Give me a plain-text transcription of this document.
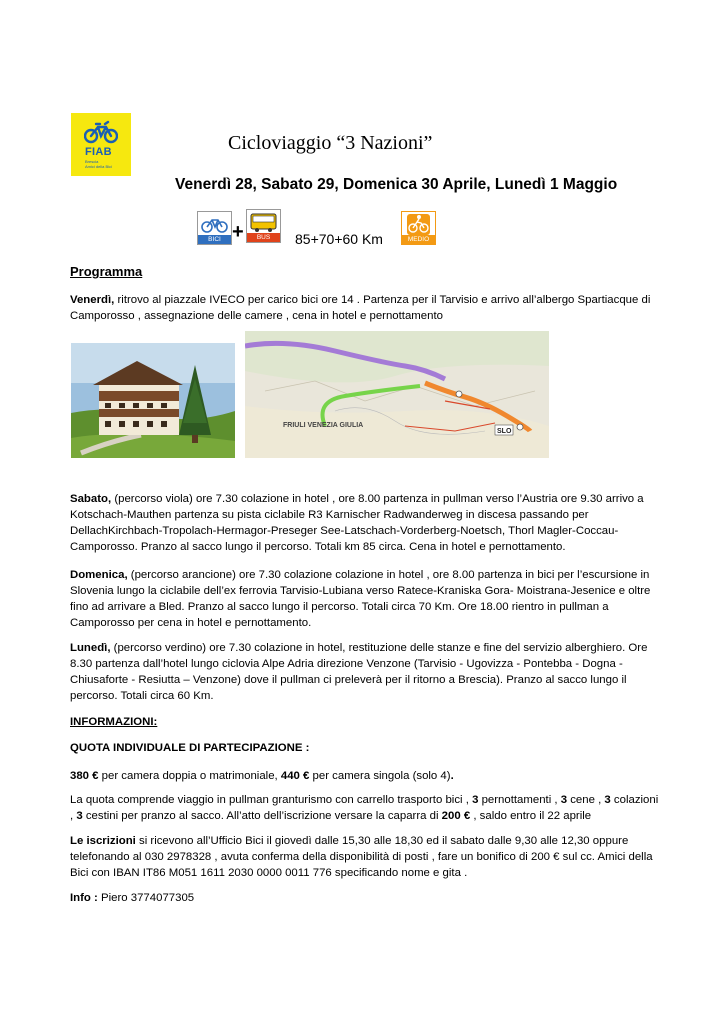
FIAB
Brescia
Amici della Bici
Cicloviaggio “3 Nazioni”
Venerdì 28, Sabato 29, Domenica 30 Aprile, Lunedì 1 Maggio
BICI +	BUS	85+70+60 Km	MEDIO
Programma
Venerdì, ritrovo al piazzale IVECO per carico bici ore 14 . Partenza per il Tarvisio e arrivo all’albergo Spartiacque di Camporosso , assegnazione delle camere , cena in hotel e pernottamento
FRIULI VENEZIA GIULIA
SLO
Sabato, (percorso viola) ore 7.30 colazione in hotel , ore 8.00 partenza in pullman verso l’Austria ore 9.30 arrivo a Kotschach-Mauthen partenza su pista ciclabile R3 Karnischer Radwanderweg in discesa passando per DellachKirchbach-Tropolach-Hermagor-Preseger See-Latschach-Vorderberg-Noetsch, Thorl Magler-Coccau-Camporosso. Pranzo al sacco lungo il percorso. Totali km 85 circa. Cena in hotel e pernottamento.
Domenica, (percorso arancione) ore 7.30 colazione colazione in hotel , ore 8.00 partenza in bici per l’escursione in Slovenia lungo la ciclabile dell’ex ferrovia Tarvisio-Lubiana verso Ratece-Kraniska Gora- Moistrana-Jesenice e oltre fino ad arrivare a Bled. Pranzo al sacco lungo il percorso. Totali circa 70 Km. Ore 18.00 rientro in pullman a Camporosso per cena in hotel e pernottamento.
Lunedì, (percorso verdino) ore 7.30 colazione in hotel, restituzione delle stanze e fine del servizio alberghiero. Ore 8.30 partenza dall’hotel lungo ciclovia Alpe Adria direzione Venzone (Tarvisio - Ugovizza - Pontebba - Dogna - Chiusaforte - Resiutta – Venzone) dove il pullman ci preleverà per il ritorno a Brescia). Pranzo al sacco lungo il percorso. Totali circa 60 Km.
INFORMAZIONI:
QUOTA INDIVIDUALE DI PARTECIPAZIONE :
380 € per camera doppia o matrimoniale, 440 € per camera singola (solo 4).
La quota comprende viaggio in pullman granturismo con carrello trasporto bici , 3 pernottamenti , 3 cene , 3 colazioni , 3 cestini per pranzo al sacco. All’atto dell’iscrizione versare la caparra di 200 € , saldo entro il 22 aprile
Le iscrizioni si ricevono all’Ufficio Bici il giovedì dalle 15,30 alle 18,30 ed il sabato dalle 9,30 alle 12,30 oppure telefonando al 030 2978328 , avuta conferma della disponibilità di posti , fare un bonifico di 200 € sul cc. Amici della Bici con IBAN IT86 M051 1611 2030 0000 0011 776 specificando nome e gita .
Info : Piero 3774077305
